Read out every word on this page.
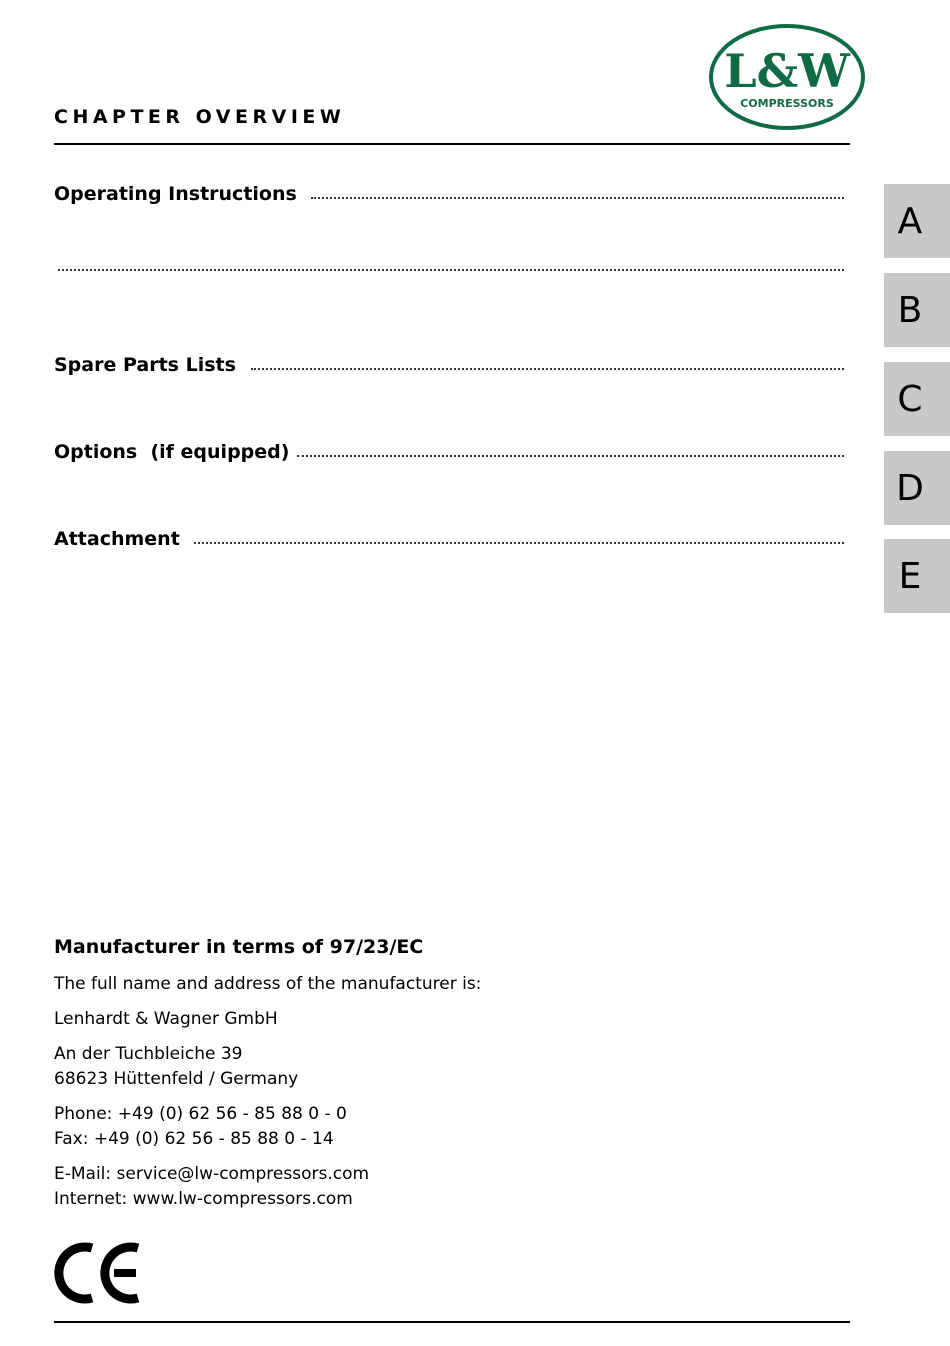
L&W
COMPRESSORS
CHAPTER OVERVIEW
Operating Instructions
Spare Parts Lists
Options  (if equipped)
Attachment
A
B
C
D
E
Manufacturer in terms of 97/23/EC

The full name and address of the manufacturer is:

Lenhardt & Wagner GmbH

An der Tuchbleiche 39
68623 Hüttenfeld / Germany

Phone: +49 (0) 62 56 - 85 88 0 - 0
Fax: +49 (0) 62 56 - 85 88 0 - 14

E-Mail: service@lw-compressors.com
Internet: www.lw-compressors.com
